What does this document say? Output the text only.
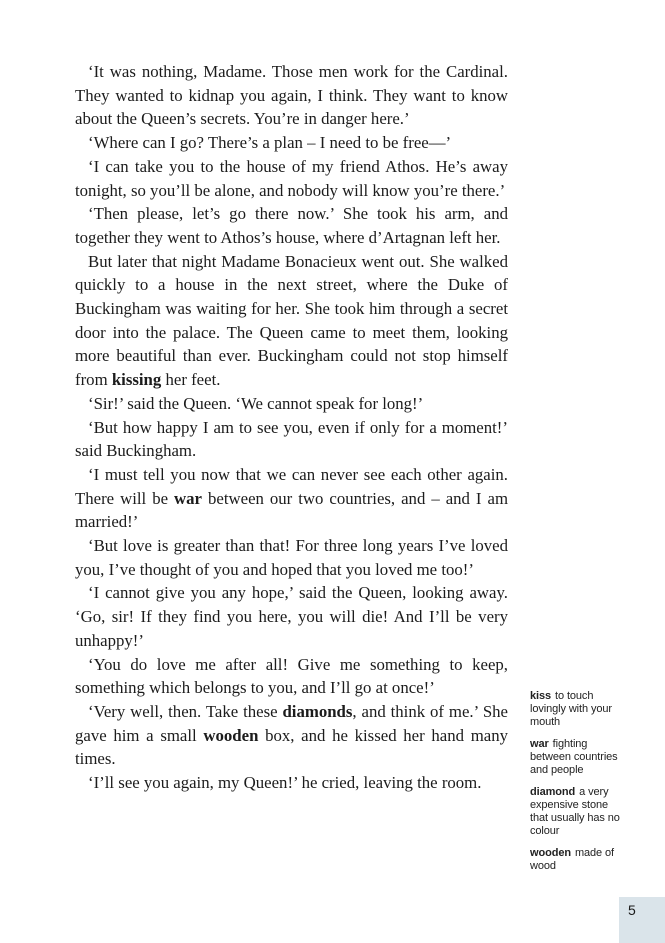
‘It was nothing, Madame. Those men work for the Cardinal. They wanted to kidnap you again, I think. They want to know about the Queen’s secrets. You’re in danger here.’

‘Where can I go? There’s a plan – I need to be free—’

‘I can take you to the house of my friend Athos. He’s away tonight, so you’ll be alone, and nobody will know you’re there.’

‘Then please, let’s go there now.’ She took his arm, and together they went to Athos’s house, where d’Artagnan left her.

But later that night Madame Bonacieux went out. She walked quickly to a house in the next street, where the Duke of Buckingham was waiting for her. She took him through a secret door into the palace. The Queen came to meet them, looking more beautiful than ever. Buckingham could not stop himself from kissing her feet.

‘Sir!’ said the Queen. ‘We cannot speak for long!’

‘But how happy I am to see you, even if only for a moment!’ said Buckingham.

‘I must tell you now that we can never see each other again. There will be war between our two countries, and – and I am married!’

‘But love is greater than that! For three long years I’ve loved you, I’ve thought of you and hoped that you loved me too!’

‘I cannot give you any hope,’ said the Queen, looking away. ‘Go, sir! If they find you here, you will die! And I’ll be very unhappy!’

‘You do love me after all! Give me something to keep, something which belongs to you, and I’ll go at once!’

‘Very well, then. Take these diamonds, and think of me.’ She gave him a small wooden box, and he kissed her hand many times.

‘I’ll see you again, my Queen!’ he cried, leaving the room.

kiss to touch lovingly with your mouth
war fighting between countries and people
diamond a very expensive stone that usually has no colour
wooden made of wood
5
